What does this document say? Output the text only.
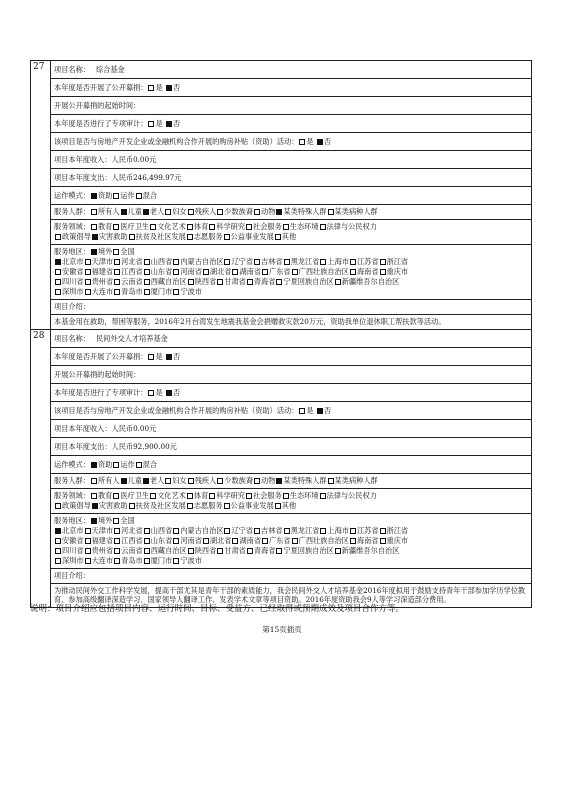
27	项目名称： 综合基金
本年度是否开展了公开募捐： 是 否
开展公开募捐的起始时间：
本年度是否进行了专项审计： 是 否
该项目是否与房地产开发企业或金融机构合作开展的购房补贴（资助）活动： 是 否
项目本年度收入：人民币0.00元
项目本年度支出：人民币246,499.97元
运作模式： 资助 运作 混合
服务人群： 所有人 儿童 老人 妇女 残疾人 少数族裔 动物 某类特殊人群 某类病种人群
服务领域： 教育 医疗卫生 文化艺术 体育 科学研究 社会服务 生态环境 法律与公民权力
政策倡导 灾害救助 扶贫及社区发展 志愿服务 公益事业发展 其他
服务地区： 境外 全国
北京市 天津市 河北省 山西省 内蒙古自治区 辽宁省 吉林省 黑龙江省 上海市 江苏省 浙江省
安徽省 福建省 江西省 山东省 河南省 湖北省 湖南省 广东省 广西壮族自治区 海南省 重庆市
四川省 贵州省 云南省 西藏自治区 陕西省 甘肃省 青海省 宁夏回族自治区 新疆维吾尔自治区
深圳市 大连市 青岛市 厦门市 宁波市
项目介绍：
本基金用在救助，帮困等服务，2016年2月台湾发生地震我基金会捐赠救灾款20万元，资助我单位退休职工帮扶款等活动。
28	项目名称： 民间外交人才培养基金
本年度是否开展了公开募捐： 是 否
开展公开募捐的起始时间：
本年度是否进行了专项审计： 是 否
该项目是否与房地产开发企业或金融机构合作开展的购房补贴（资助）活动： 是 否
项目本年度收入：人民币0.00元
项目本年度支出：人民币92,900.00元
运作模式： 资助 运作 混合
服务人群： 所有人 儿童 老人 妇女 残疾人 少数族裔 动物 某类特殊人群 某类病种人群
服务领域： 教育 医疗卫生 文化艺术 体育 科学研究 社会服务 生态环境 法律与公民权力
政策倡导 灾害救助 扶贫及社区发展 志愿服务 公益事业发展 其他
服务地区： 境外 全国
北京市 天津市 河北省 山西省 内蒙古自治区 辽宁省 吉林省 黑龙江省 上海市 江苏省 浙江省
安徽省 福建省 江西省 山东省 河南省 湖北省 湖南省 广东省 广西壮族自治区 海南省 重庆市
四川省 贵州省 云南省 西藏自治区 陕西省 甘肃省 青海省 宁夏回族自治区 新疆维吾尔自治区
深圳市 大连市 青岛市 厦门市 宁波市
项目介绍：
为推动民间外交工作科学发展，提高干部尤其是青年干部的素质能力，我会民间外交人才培养基金2016年度拟用于鼓励支持青年干部参加学历学位教育、参加高级翻译深造学习、国家领导人翻译工作、发表学术文章等项目资助。2016年度资助我会9人等学习深造部分费用。
说明：项目介绍应包括项目内容、运行时间、目标、受益方、已经取得或预期成效及项目合作方等。
第15页插页
